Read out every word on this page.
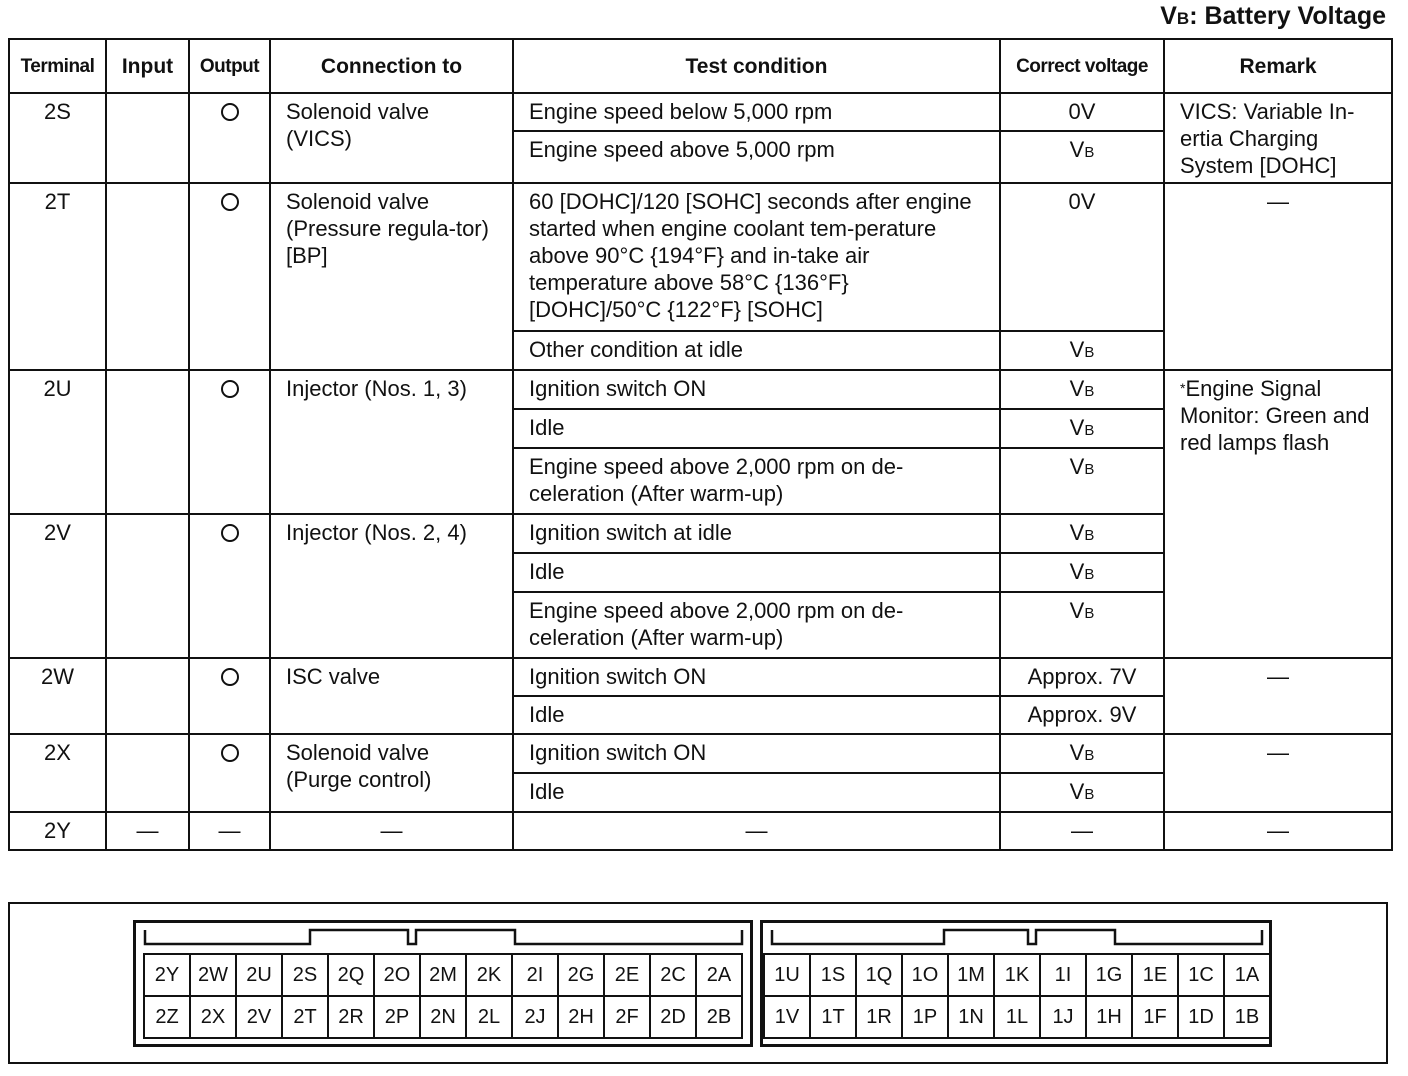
VB: Battery Voltage
Terminal	Input	Output	Connection to	Test condition	Correct voltage	Remark
2S			Solenoid valve (VICS)	Engine speed below 5,000 rpm	0V	VICS: Variable In-ertia Charging System [DOHC]
				Engine speed above 5,000 rpm	VB	
2T			Solenoid valve (Pressure regula-tor) [BP]	60 [DOHC]/120 [SOHC] seconds after engine started when engine coolant tem-perature above 90°C {194°F} and in-take air temperature above 58°C {136°F} [DOHC]/50°C {122°F} [SOHC]	0V	—
				Other condition at idle	VB	
2U			Injector (Nos. 1, 3)	Ignition switch ON	VB	*Engine Signal Monitor: Green and red lamps flash
				Idle	VB	
				Engine speed above 2,000 rpm on de-celeration (After warm-up)	VB	
2V			Injector (Nos. 2, 4)	Ignition switch at idle	VB	
				Idle	VB	
				Engine speed above 2,000 rpm on de-celeration (After warm-up)	VB	
2W			ISC valve	Ignition switch ON	Approx. 7V	—
				Idle	Approx. 9V	
2X			Solenoid valve (Purge control)	Ignition switch ON	VB	—
				Idle	VB	
2Y	—	—	—	—	—	—
2Y	2W	2U	2S	2Q	2O	2M	2K	2I	2G	2E	2C	2A
2Z	2X	2V	2T	2R	2P	2N	2L	2J	2H	2F	2D	2B
1U	1S	1Q	1O	1M	1K	1I	1G	1E	1C	1A
1V	1T	1R	1P	1N	1L	1J	1H	1F	1D	1B
